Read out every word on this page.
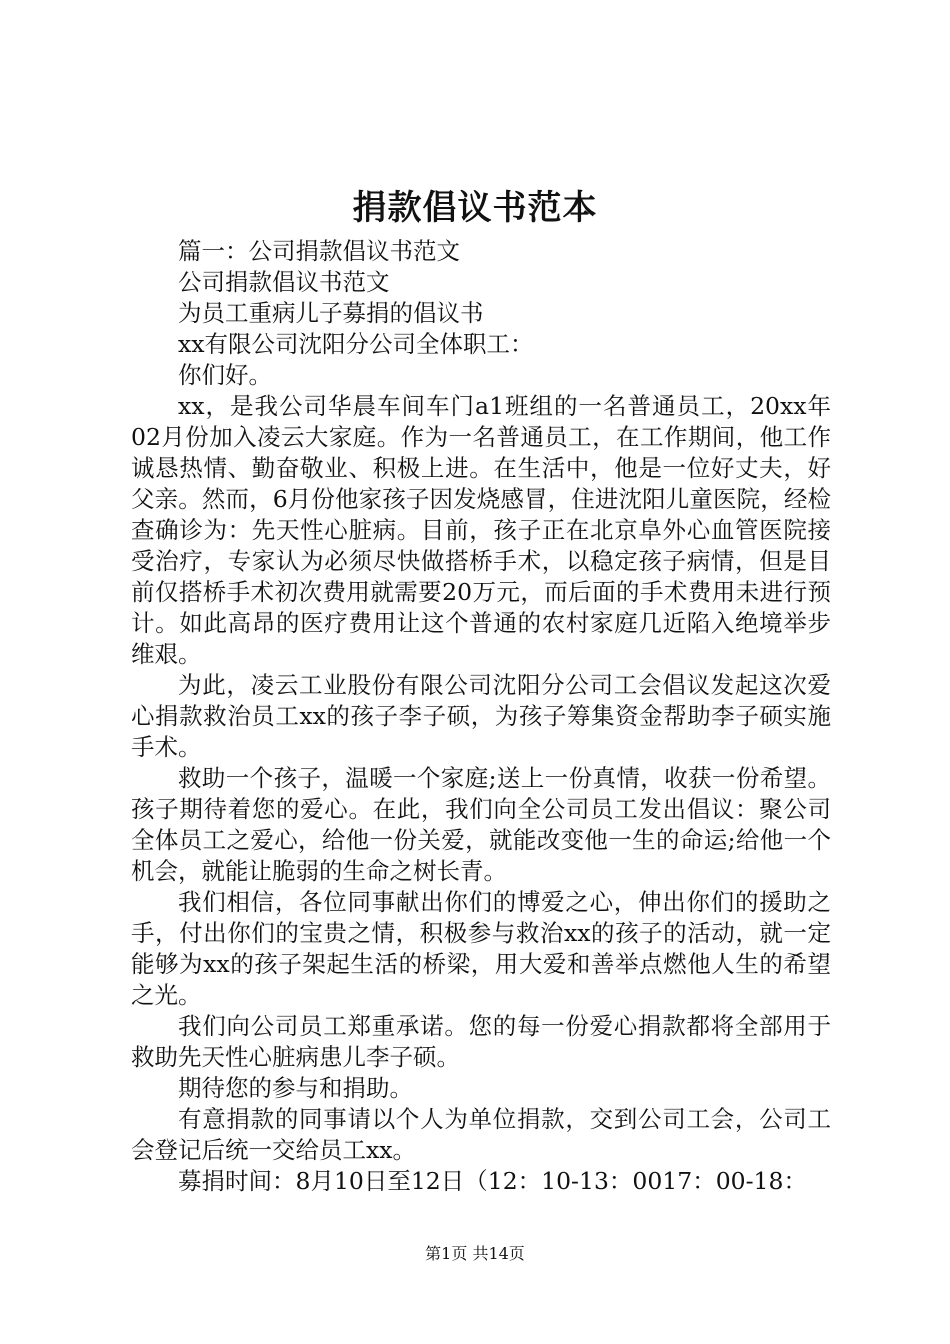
捐款倡议书范本

篇一：公司捐款倡议书范文

公司捐款倡议书范文

为员工重病儿子募捐的倡议书

xx有限公司沈阳分公司全体职工：

你们好。

xx，是我公司华晨车间车门a1班组的一名普通员工，20xx年02月份加入凌云大家庭。作为一名普通员工，在工作期间，他工作诚恳热情、勤奋敬业、积极上进。在生活中，他是一位好丈夫，好父亲。然而，6月份他家孩子因发烧感冒，住进沈阳儿童医院，经检查确诊为：先天性心脏病。目前，孩子正在北京阜外心血管医院接受治疗，专家认为必须尽快做搭桥手术，以稳定孩子病情，但是目前仅搭桥手术初次费用就需要20万元，而后面的手术费用未进行预计。如此高昂的医疗费用让这个普通的农村家庭几近陷入绝境举步维艰。

为此，凌云工业股份有限公司沈阳分公司工会倡议发起这次爱心捐款救治员工xx的孩子李子硕，为孩子筹集资金帮助李子硕实施手术。

救助一个孩子，温暖一个家庭;送上一份真情，收获一份希望。孩子期待着您的爱心。在此，我们向全公司员工发出倡议：聚公司全体员工之爱心，给他一份关爱，就能改变他一生的命运;给他一个机会，就能让脆弱的生命之树长青。

我们相信，各位同事献出你们的博爱之心，伸出你们的援助之手，付出你们的宝贵之情，积极参与救治xx的孩子的活动，就一定能够为xx的孩子架起生活的桥梁，用大爱和善举点燃他人生的希望之光。

我们向公司员工郑重承诺。您的每一份爱心捐款都将全部用于救助先天性心脏病患儿李子硕。

期待您的参与和捐助。

有意捐款的同事请以个人为单位捐款，交到公司工会，公司工会登记后统一交给员工xx。

募捐时间：8月10日至12日（12：10-13：0017：00-18：

第1页 共14页
